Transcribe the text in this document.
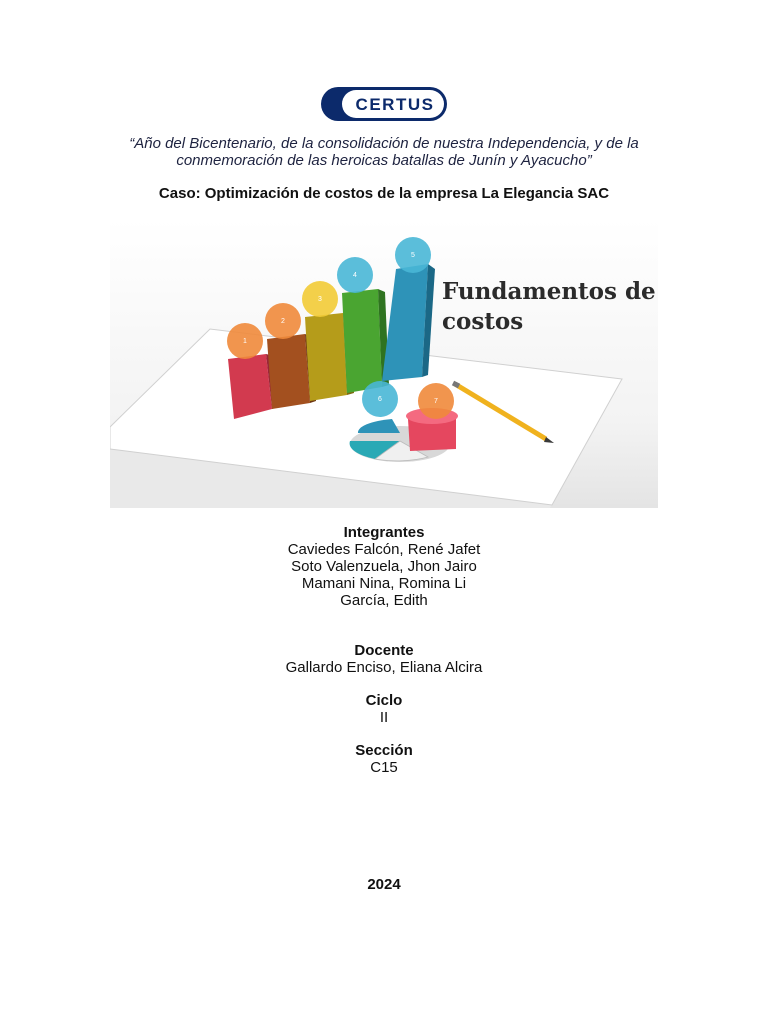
CERTUS
“Año del Bicentenario, de la consolidación de nuestra Independencia, y de la conmemoración de las heroicas batallas de Junín y Ayacucho”
Caso: Optimización de costos de la empresa La Elegancia SAC
1
2
3
4
5
6	7
Fundamentos de
costos
Integrantes
Caviedes Falcón, René Jafet
Soto Valenzuela, Jhon Jairo
Mamani Nina, Romina Li
García, Edith
Docente
Gallardo Enciso, Eliana Alcira
Ciclo
II
Sección
C15
2024
